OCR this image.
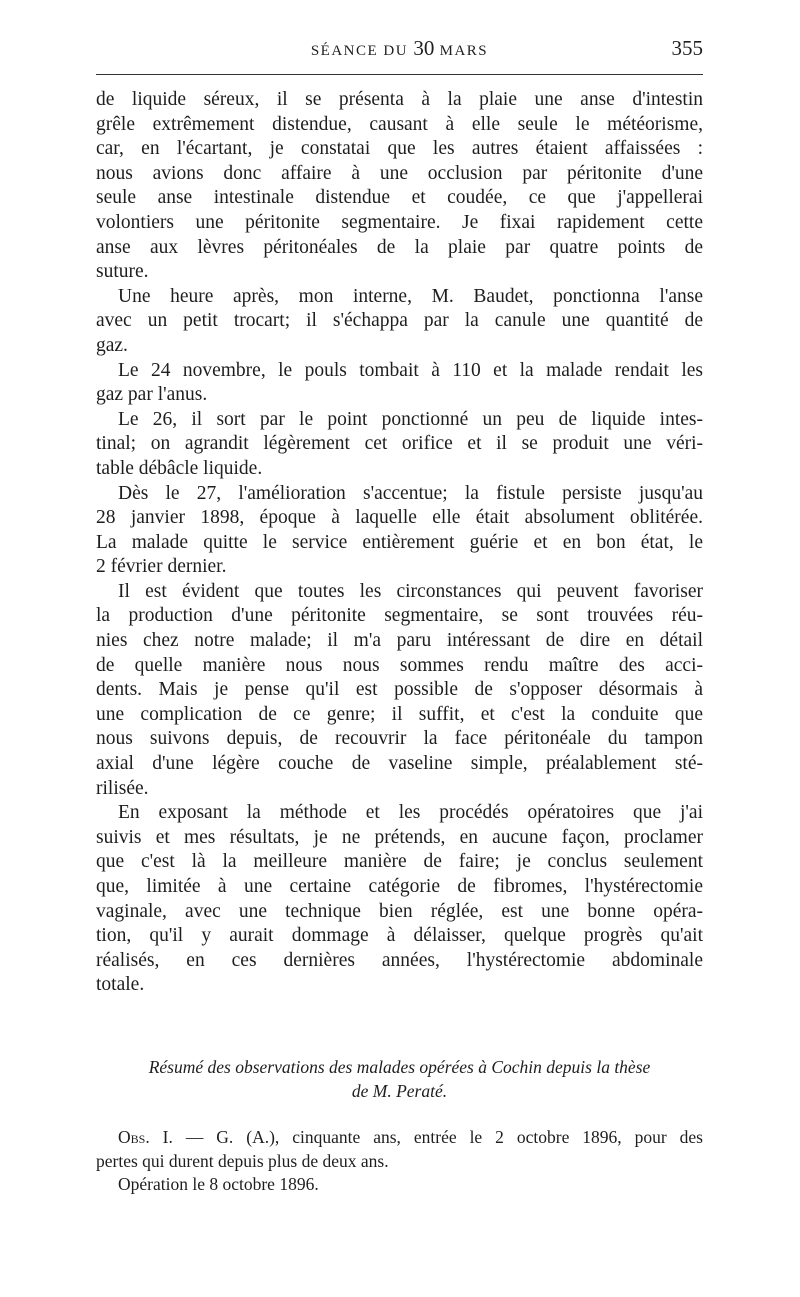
SÉANCE DU 30 MARS	355
de liquide séreux, il se présenta à la plaie une anse d'intestin
grêle extrêmement distendue, causant à elle seule le météorisme,
car, en l'écartant, je constatai que les autres étaient affaissées :
nous avions donc affaire à une occlusion par péritonite d'une
seule anse intestinale distendue et coudée, ce que j'appellerai
volontiers une péritonite segmentaire. Je fixai rapidement cette
anse aux lèvres péritonéales de la plaie par quatre points de
suture.
Une heure après, mon interne, M. Baudet, ponctionna l'anse
avec un petit trocart; il s'échappa par la canule une quantité de
gaz.
Le 24 novembre, le pouls tombait à 110 et la malade rendait les
gaz par l'anus.
Le 26, il sort par le point ponctionné un peu de liquide intes-
tinal; on agrandit légèrement cet orifice et il se produit une véri-
table débâcle liquide.
Dès le 27, l'amélioration s'accentue; la fistule persiste jusqu'au
28 janvier 1898, époque à laquelle elle était absolument oblitérée.
La malade quitte le service entièrement guérie et en bon état, le
2 février dernier.
Il est évident que toutes les circonstances qui peuvent favoriser
la production d'une péritonite segmentaire, se sont trouvées réu-
nies chez notre malade; il m'a paru intéressant de dire en détail
de quelle manière nous nous sommes rendu maître des acci-
dents. Mais je pense qu'il est possible de s'opposer désormais à
une complication de ce genre; il suffit, et c'est la conduite que
nous suivons depuis, de recouvrir la face péritonéale du tampon
axial d'une légère couche de vaseline simple, préalablement sté-
rilisée.
En exposant la méthode et les procédés opératoires que j'ai
suivis et mes résultats, je ne prétends, en aucune façon, proclamer
que c'est là la meilleure manière de faire; je conclus seulement
que, limitée à une certaine catégorie de fibromes, l'hystérectomie
vaginale, avec une technique bien réglée, est une bonne opéra-
tion, qu'il y aurait dommage à délaisser, quelque progrès qu'ait
réalisés, en ces dernières années, l'hystérectomie abdominale
totale.
Résumé des observations des malades opérées à Cochin depuis la thèse
de M. Peraté.
Obs. I. — G. (A.), cinquante ans, entrée le 2 octobre 1896, pour des
pertes qui durent depuis plus de deux ans.
Opération le 8 octobre 1896.
